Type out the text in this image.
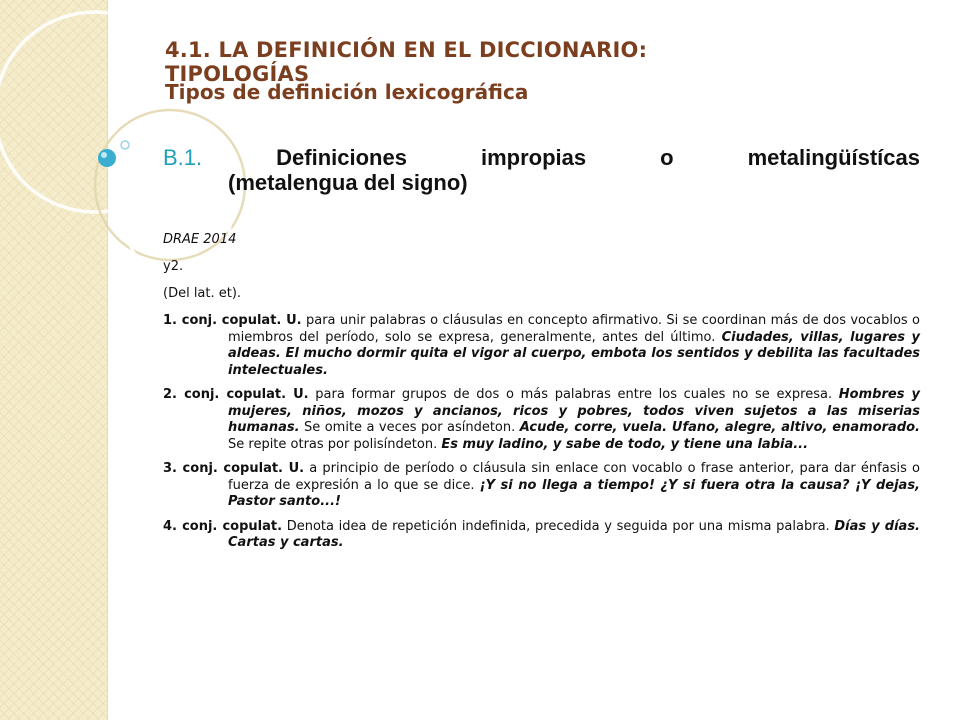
4.1. LA DEFINICIÓN EN EL DICCIONARIO: TIPOLOGÍAS
Tipos de definición lexicográfica
B.1.	Definiciones	impropias	o	metalingüístícas
(metalengua del signo)

DRAE 2014

y2.

(Del lat. et).

1. conj. copulat. U. para unir palabras o cláusulas en concepto afirmativo. Si se coordinan más de dos vocablos o miembros del período, solo se expresa, generalmente, antes del último. Ciudades, villas, lugares y aldeas. El mucho dormir quita el vigor al cuerpo, embota los sentidos y debilita las facultades intelectuales.

2. conj. copulat. U. para formar grupos de dos o más palabras entre los cuales no se expresa. Hombres y mujeres, niños, mozos y ancianos, ricos y pobres, todos viven sujetos a las miserias humanas. Se omite a veces por asíndeton. Acude, corre, vuela. Ufano, alegre, altivo, enamorado. Se repite otras por polisíndeton. Es muy ladino, y sabe de todo, y tiene una labia...

3. conj. copulat. U. a principio de período o cláusula sin enlace con vocablo o frase anterior, para dar énfasis o fuerza de expresión a lo que se dice. ¡Y si no llega a tiempo! ¿Y si fuera otra la causa? ¡Y dejas, Pastor santo...!

4. conj. copulat. Denota idea de repetición indefinida, precedida y seguida por una misma palabra. Días y días. Cartas y cartas.
